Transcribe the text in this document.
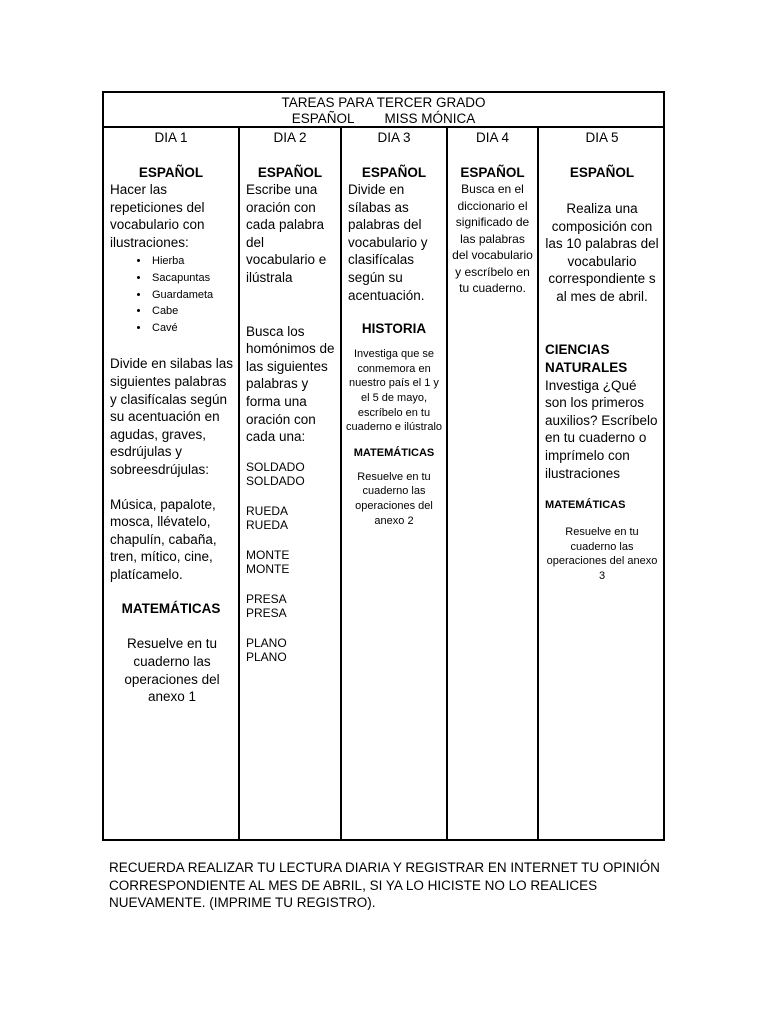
TAREAS PARA TERCER GRADO
ESPAÑOL MISS MÓNICA
DIA 1
ESPAÑOL
Hacer las repeticiones del vocabulario con ilustraciones:
• Hierba
• Sacapuntas
• Guardameta
• Cabe
• Cavé
Divide en silabas las siguientes palabras y clasifícalas según su acentuación en agudas, graves, esdrújulas y sobreesdrújulas:
Música, papalote, mosca, llévatelo, chapulín, cabaña, tren, mítico, cine, platícamelo.
MATEMÁTICAS
Resuelve en tu cuaderno las operaciones del anexo 1
DIA 2
ESPAÑOL
Escribe una oración con cada palabra del vocabulario e ilústrala
Busca los homónimos de las siguientes palabras y forma una oración con cada una:
SOLDADO
SOLDADO
RUEDA
RUEDA
MONTE
MONTE
PRESA
PRESA
PLANO
PLANO
DIA 3
ESPAÑOL
Divide en sílabas as palabras del vocabulario y clasifícalas según su acentuación.
HISTORIA
Investiga que se conmemora en nuestro país el 1 y el 5 de mayo, escríbelo en tu cuaderno e ilústralo
MATEMÁTICAS
Resuelve en tu cuaderno las operaciones del anexo 2
DIA 4
ESPAÑOL
Busca en el diccionario el significado de las palabras del vocabulario y escríbelo en tu cuaderno.
DIA 5
ESPAÑOL
Realiza una composición con las 10 palabras del vocabulario correspondiente s al mes de abril.
CIENCIAS NATURALES
Investiga ¿Qué son los primeros auxilios? Escríbelo en tu cuaderno o imprímelo con ilustraciones
MATEMÁTICAS
Resuelve en tu cuaderno las operaciones del anexo 3
RECUERDA REALIZAR TU LECTURA DIARIA Y REGISTRAR EN INTERNET TU OPINIÓN CORRESPONDIENTE AL MES DE ABRIL, SI YA LO HICISTE NO LO REALICES NUEVAMENTE. (IMPRIME TU REGISTRO).
